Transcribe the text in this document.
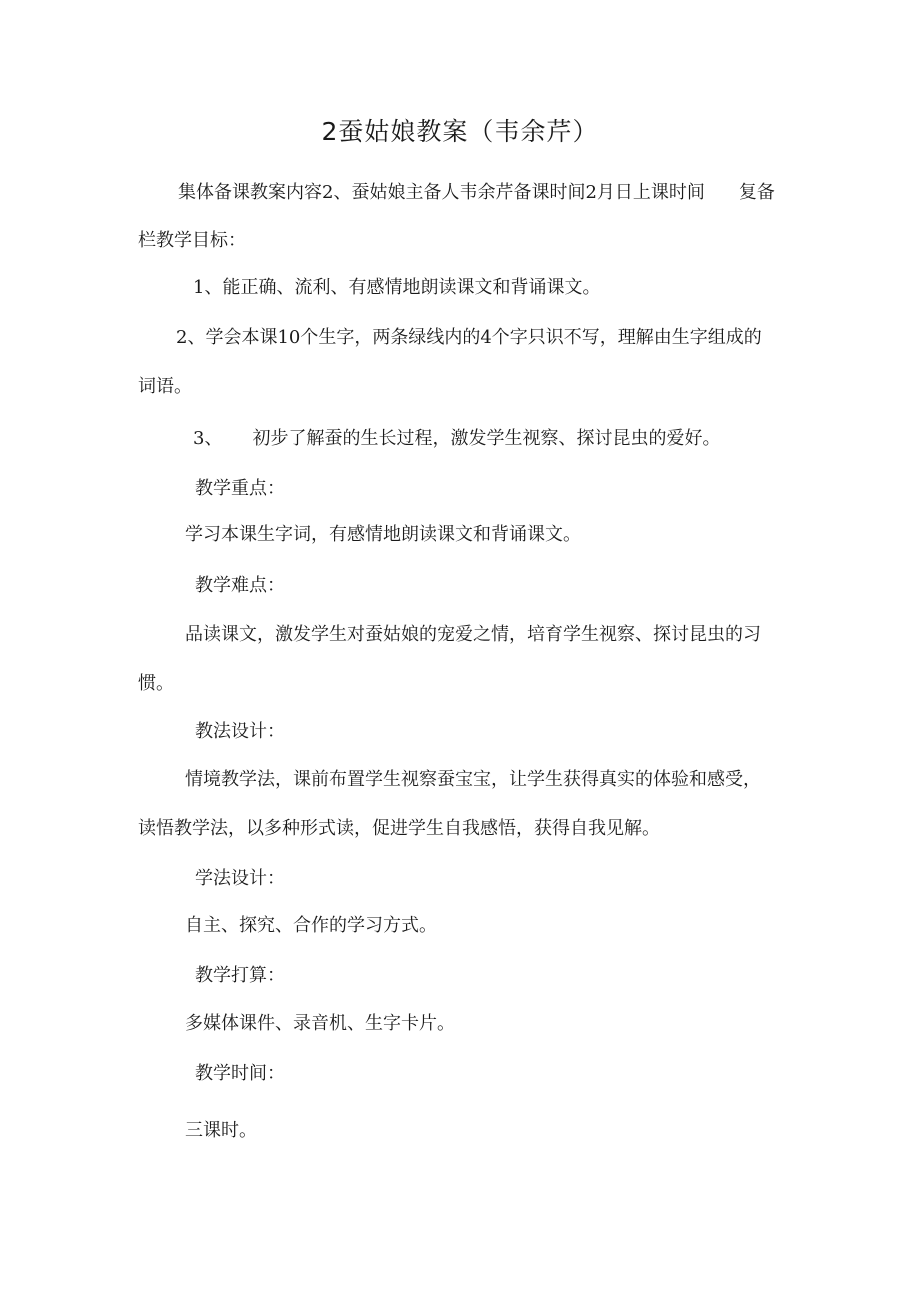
2蚕姑娘教案（韦余芹）
集体备课教案内容2、蚕姑娘主备人韦余芹备课时间2月日上课时间 复备
栏教学目标：
1、能正确、流利、有感情地朗读课文和背诵课文。
2、学会本课10个生字，两条绿线内的4个字只识不写，理解由生字组成的
词语。
3、 初步了解蚕的生长过程，激发学生视察、探讨昆虫的爱好。
教学重点：
学习本课生字词，有感情地朗读课文和背诵课文。
教学难点：
品读课文，激发学生对蚕姑娘的宠爱之情，培育学生视察、探讨昆虫的习
惯。
教法设计：
情境教学法，课前布置学生视察蚕宝宝，让学生获得真实的体验和感受，
读悟教学法，以多种形式读，促进学生自我感悟，获得自我见解。
学法设计：
自主、探究、合作的学习方式。
教学打算：
多媒体课件、录音机、生字卡片。
教学时间：
三课时。
